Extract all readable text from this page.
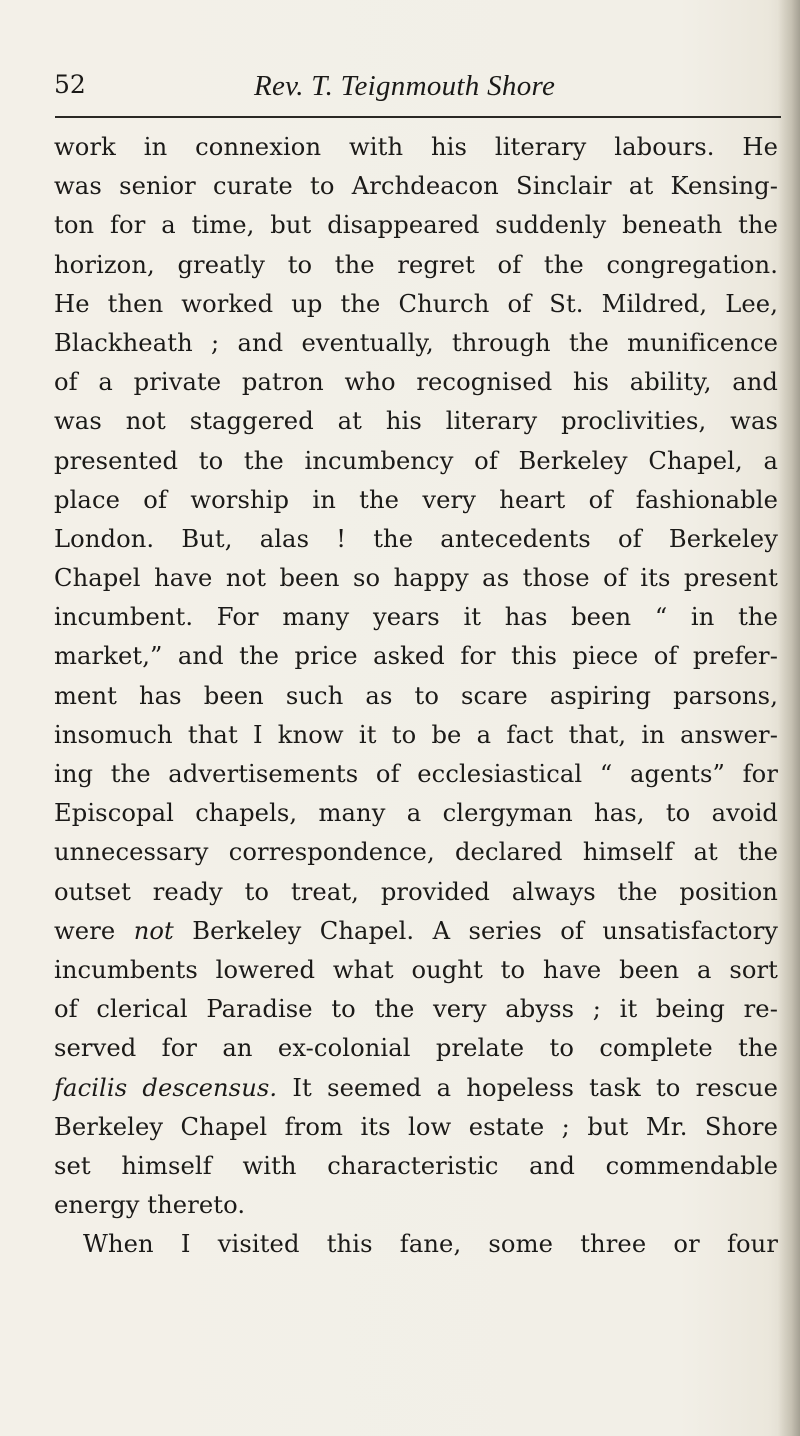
52	Rev. T. Teignmouth Shore
work in connexion with his literary labours. He
was senior curate to Archdeacon Sinclair at Kensing-
ton for a time, but disappeared suddenly beneath the
horizon, greatly to the regret of the congregation.
He then worked up the Church of St. Mildred, Lee,
Blackheath ; and eventually, through the munificence
of a private patron who recognised his ability, and
was not staggered at his literary proclivities, was
presented to the incumbency of Berkeley Chapel, a
place of worship in the very heart of fashionable
London. But, alas ! the antecedents of Berkeley
Chapel have not been so happy as those of its present
incumbent. For many years it has been “ in the
market,” and the price asked for this piece of prefer-
ment has been such as to scare aspiring parsons,
insomuch that I know it to be a fact that, in answer-
ing the advertisements of ecclesiastical “ agents” for
Episcopal chapels, many a clergyman has, to avoid
unnecessary correspondence, declared himself at the
outset ready to treat, provided always the position
were not Berkeley Chapel. A series of unsatisfactory
incumbents lowered what ought to have been a sort
of clerical Paradise to the very abyss ; it being re-
served for an ex-colonial prelate to complete the
facilis descensus. It seemed a hopeless task to rescue
Berkeley Chapel from its low estate ; but Mr. Shore
set himself with characteristic and commendable
energy thereto.
When I visited this fane, some three or four
